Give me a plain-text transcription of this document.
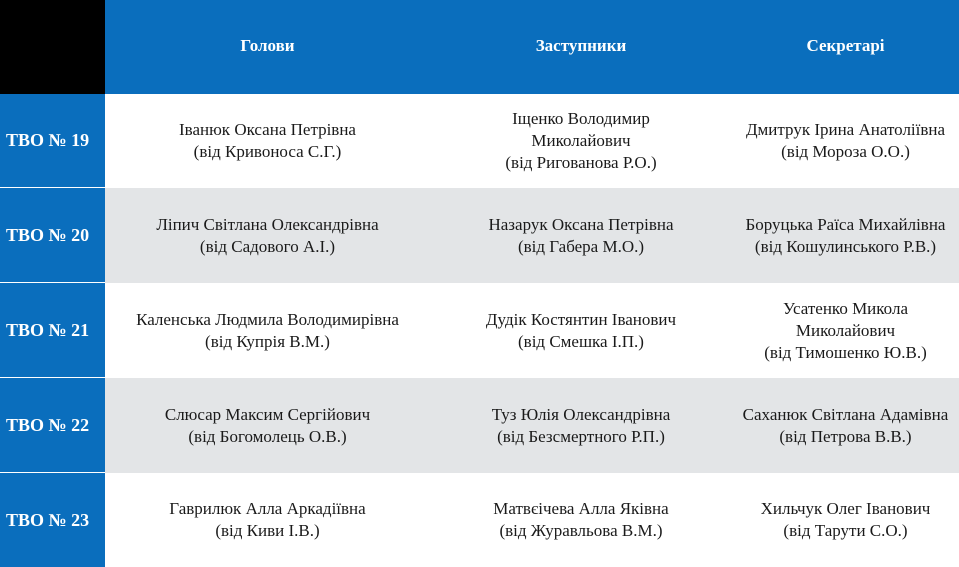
Голови	Заступники	Секретарі
ТВО № 19
Іванюк Оксана Петрівна
(від Кривоноса С.Г.)
Іщенко Володимир
Миколайович
(від Ригованова Р.О.)
Дмитрук Ірина Анатоліївна
(від Мороза О.О.)
ТВО № 20
Ліпич Світлана Олександрівна
(від Садового А.І.)
Назарук Оксана Петрівна
(від Габера М.О.)
Боруцька Раїса Михайлівна
(від Кошулинського Р.В.)
ТВО № 21
Каленська Людмила Володимирівна
(від Купрія В.М.)
Дудік Костянтин Іванович
(від Смешка І.П.)
Усатенко Микола
Миколайович
(від Тимошенко Ю.В.)
ТВО № 22
Слюсар Максим Сергійович
(від Богомолець О.В.)
Туз Юлія Олександрівна
(від Безсмертного Р.П.)
Саханюк Світлана Адамівна
(від Петрова В.В.)
ТВО № 23
Гаврилюк Алла Аркадіївна
(від Киви І.В.)
Матвєічева Алла Яківна
(від Журавльова В.М.)
Хильчук Олег Іванович
(від Тарути С.О.)
